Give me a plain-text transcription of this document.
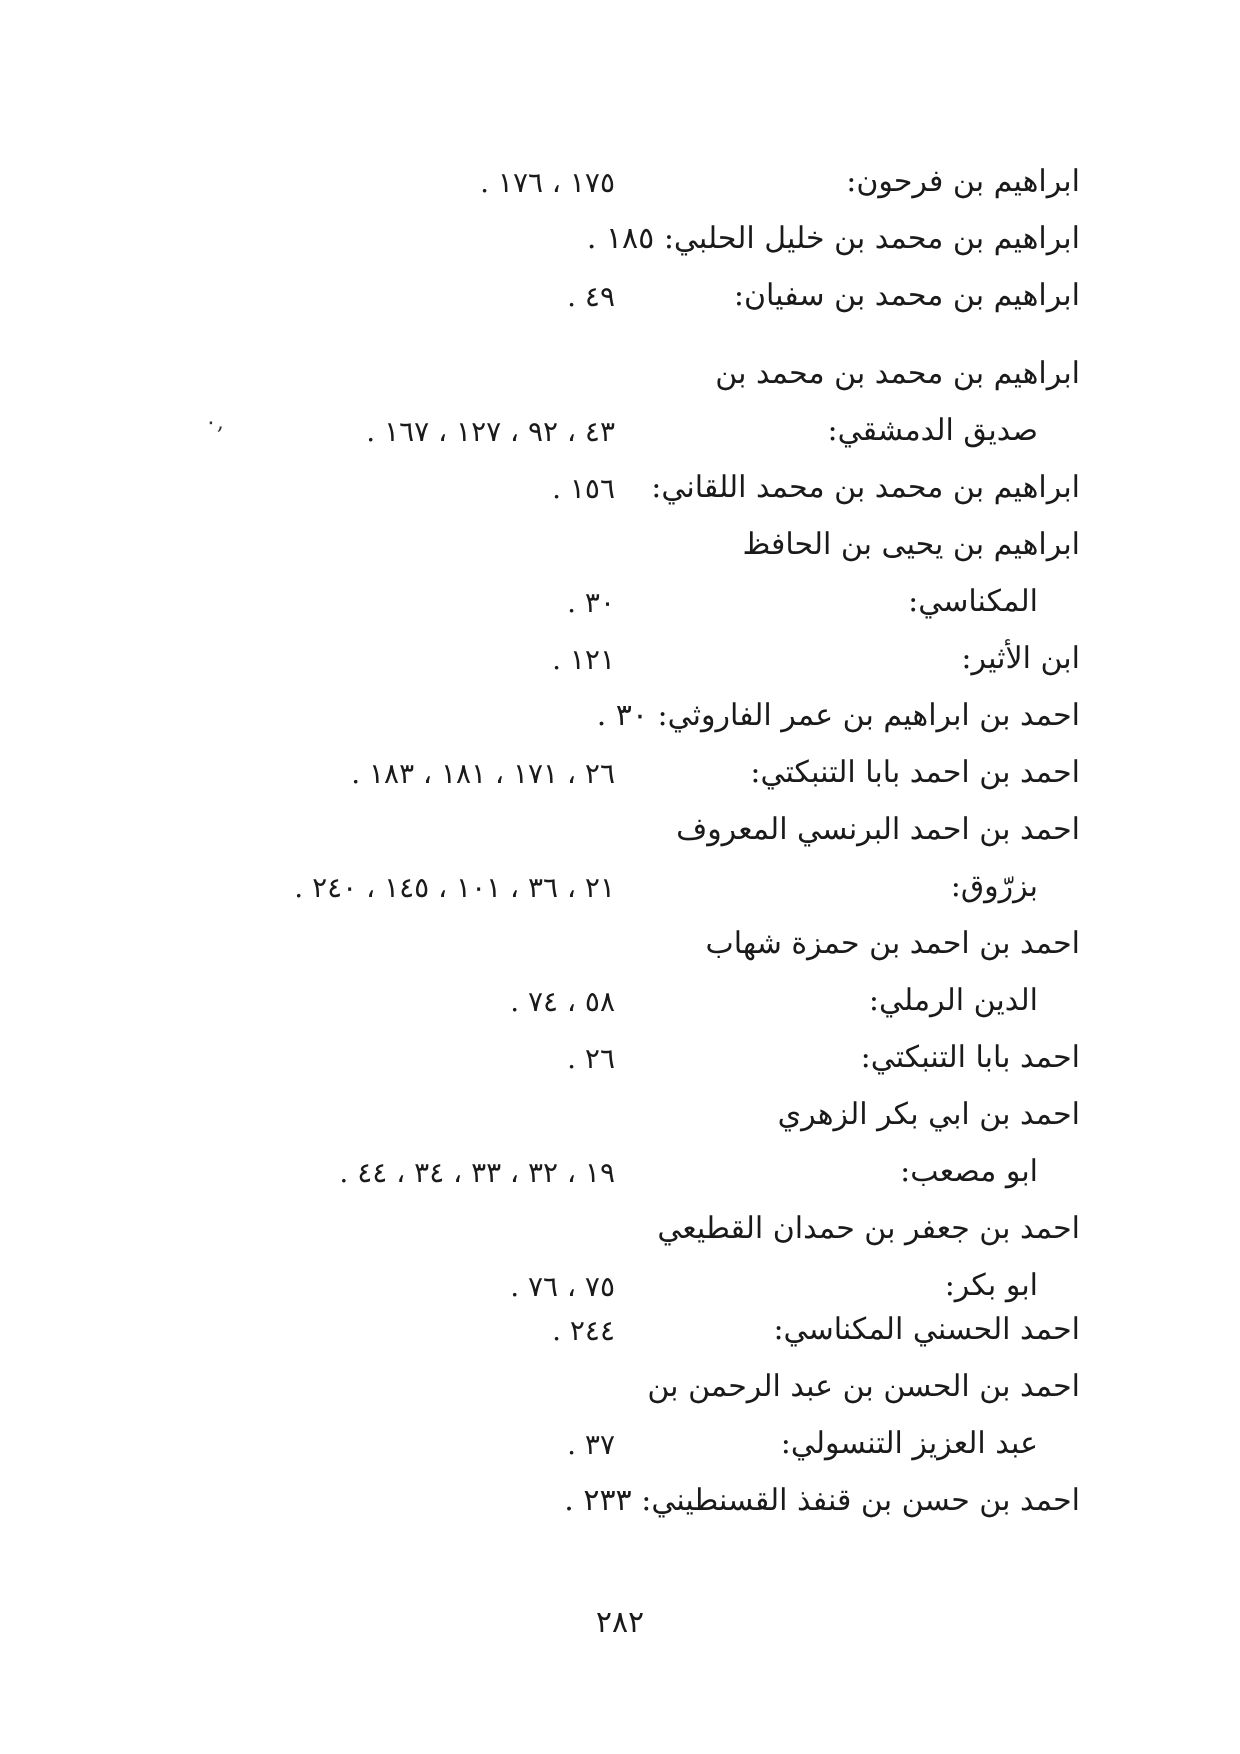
ابراهيم بن فرحون:
١٧٥ ، ١٧٦ .
ابراهيم بن محمد بن خليل الحلبي: ١٨٥ .
ابراهيم بن محمد بن سفيان:
٤٩ .
ابراهيم بن محمد بن محمد بن
صديق الدمشقي:
٤٣ ، ٩٢ ، ١٢٧ ، ١٦٧ .
ابراهيم بن محمد بن محمد اللقاني:
١٥٦ .
ابراهيم بن يحيى بن الحافظ
المكناسي:
٣٠ .
ابن الأثير:
١٢١ .
احمد بن ابراهيم بن عمر الفاروثي: ٣٠ .
احمد بن احمد بابا التنبكتي:
٢٦ ، ١٧١ ، ١٨١ ، ١٨٣ .
احمد بن احمد البرنسي المعروف
بزرّوق:
٢١ ، ٣٦ ، ١٠١ ، ١٤٥ ، ٢٤٠ .
احمد بن احمد بن حمزة شهاب
الدين الرملي:
٥٨ ، ٧٤ .
احمد بابا التنبكتي:
٢٦ .
احمد بن ابي بكر الزهري
ابو مصعب:
١٩ ، ٣٢ ، ٣٣ ، ٣٤ ، ٤٤ .
احمد بن جعفر بن حمدان القطيعي
ابو بكر:
٧٥ ، ٧٦ .
احمد الحسني المكناسي:
٢٤٤ .
احمد بن الحسن بن عبد الرحمن بن
عبد العزيز التنسولي:
٣٧ .
احمد بن حسن بن قنفذ القسنطيني: ٢٣٣ .
٠,
٢٨٢
